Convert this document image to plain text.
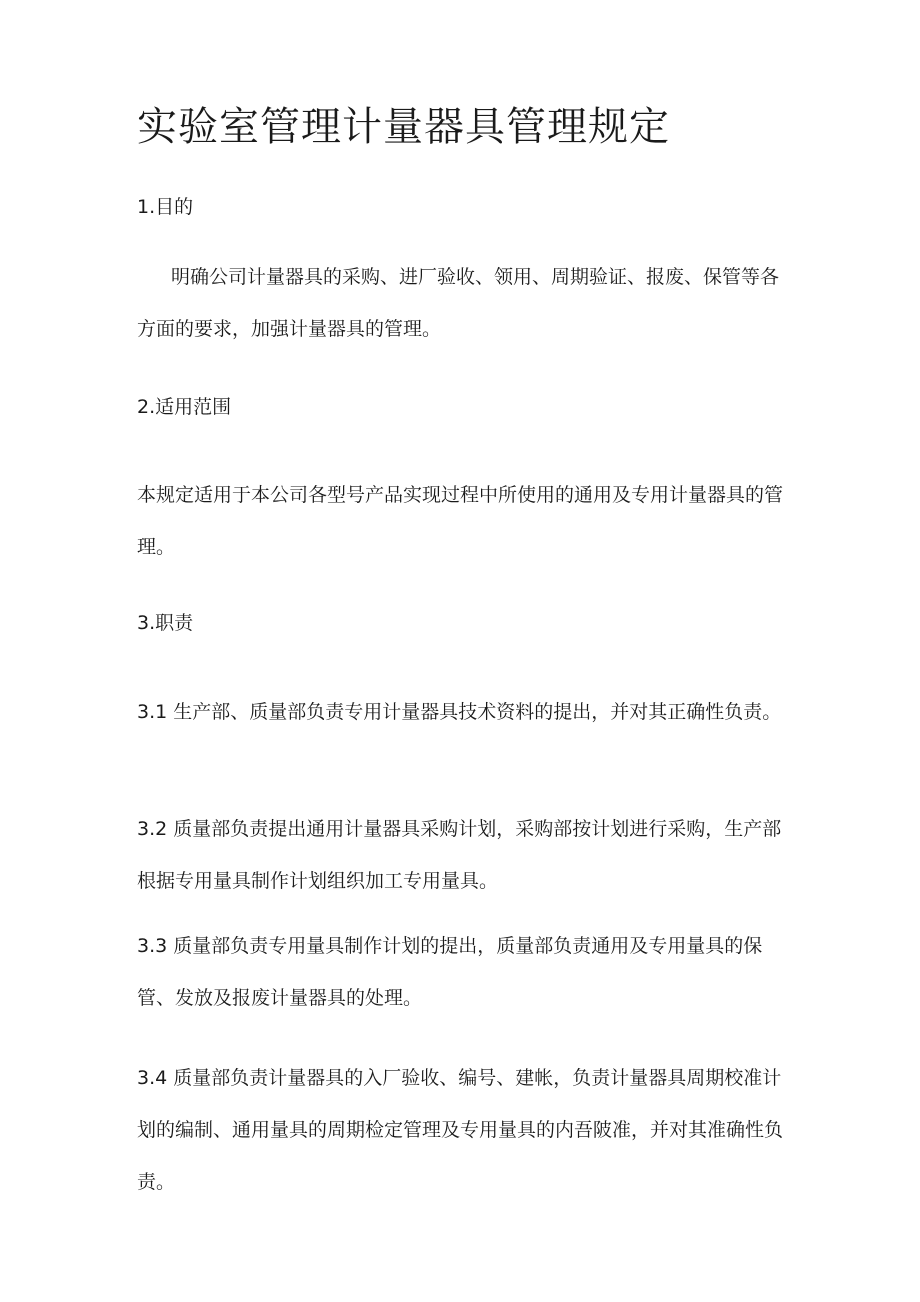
实验室管理计量器具管理规定

1.目的

明确公司计量器具的采购、进厂验收、领用、周期验证、报废、保管等各方面的要求，加强计量器具的管理。

2.适用范围

本规定适用于本公司各型号产品实现过程中所使用的通用及专用计量器具的管理。

3.职责

3.1 生产部、质量部负责专用计量器具技术资料的提出，并对其正确性负责。

3.2 质量部负责提出通用计量器具采购计划，采购部按计划进行采购，生产部根据专用量具制作计划组织加工专用量具。

3.3 质量部负责专用量具制作计划的提出，质量部负责通用及专用量具的保管、发放及报废计量器具的处理。

3.4 质量部负责计量器具的入厂验收、编号、建帐，负责计量器具周期校准计划的编制、通用量具的周期检定管理及专用量具的内吾陂准，并对其准确性负责。
